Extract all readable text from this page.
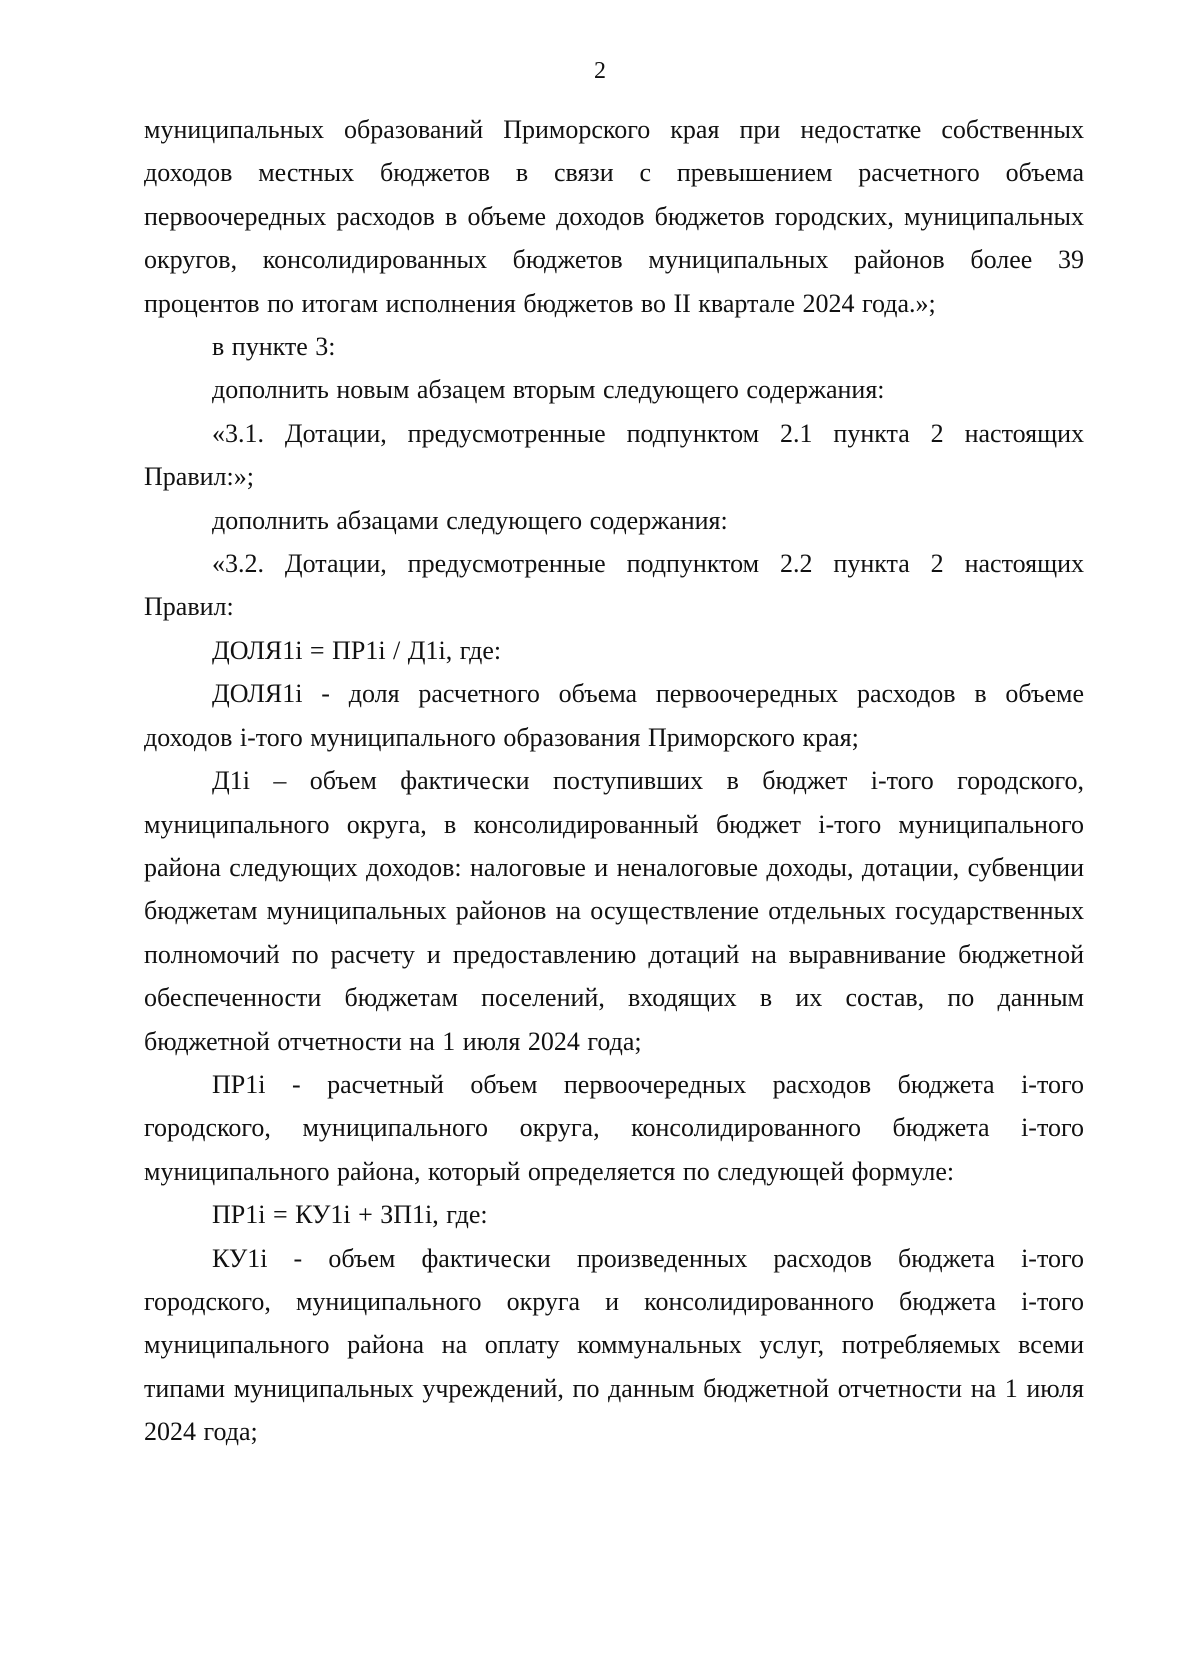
2

муниципальных образований Приморского края при недостатке собственных доходов местных бюджетов в связи с превышением расчетного объема первоочередных расходов в объеме доходов бюджетов городских, муниципальных округов, консолидированных бюджетов муниципальных районов более 39 процентов по итогам исполнения бюджетов во II квартале 2024 года.»;

в пункте 3:

дополнить новым абзацем вторым следующего содержания:

«3.1. Дотации, предусмотренные подпунктом 2.1 пункта 2 настоящих Правил:»;

дополнить абзацами следующего содержания:

«3.2. Дотации, предусмотренные подпунктом 2.2 пункта 2 настоящих Правил:

ДОЛЯ1i = ПР1i / Д1i, где:

ДОЛЯ1i - доля расчетного объема первоочередных расходов в объеме доходов i-того муниципального образования Приморского края;

Д1i – объем фактически поступивших в бюджет i-того городского, муниципального округа, в консолидированный бюджет i-того муниципального района следующих доходов: налоговые и неналоговые доходы, дотации, субвенции бюджетам муниципальных районов на осуществление отдельных государственных полномочий по расчету и предоставлению дотаций на выравнивание бюджетной обеспеченности бюджетам поселений, входящих в их состав, по данным бюджетной отчетности на 1 июля 2024 года;

ПР1i - расчетный объем первоочередных расходов бюджета i-того городского, муниципального округа, консолидированного бюджета i-того муниципального района, который определяется по следующей формуле:

ПР1i = КУ1i + ЗП1i, где:

КУ1i - объем фактически произведенных расходов бюджета i-того городского, муниципального округа и консолидированного бюджета i-того муниципального района на оплату коммунальных услуг, потребляемых всеми типами муниципальных учреждений, по данным бюджетной отчетности на 1 июля 2024 года;
